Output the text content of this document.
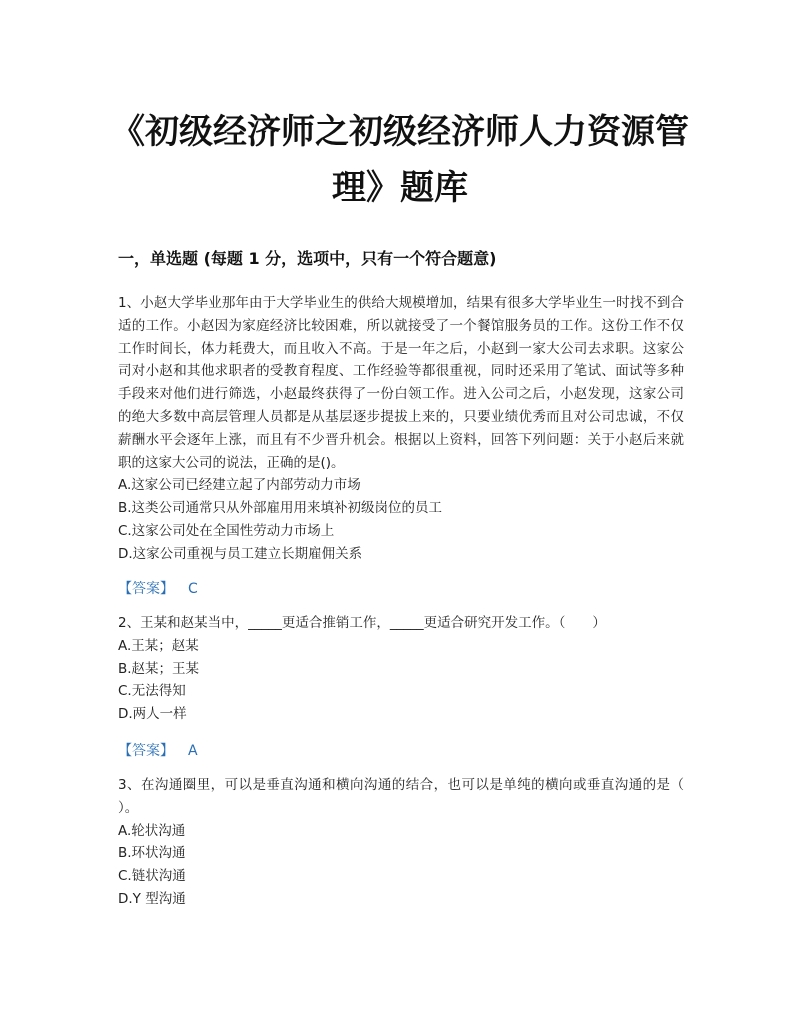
《初级经济师之初级经济师人力资源管理》题库
一，单选题 (每题 1 分，选项中，只有一个符合题意)

1、小赵大学毕业那年由于大学毕业生的供给大规模增加，结果有很多大学毕业生一时找不到合适的工作。小赵因为家庭经济比较困难，所以就接受了一个餐馆服务员的工作。这份工作不仅工作时间长，体力耗费大，而且收入不高。于是一年之后，小赵到一家大公司去求职。这家公司对小赵和其他求职者的受教育程度、工作经验等都很重视，同时还采用了笔试、面试等多种手段来对他们进行筛选，小赵最终获得了一份白领工作。进入公司之后，小赵发现，这家公司的绝大多数中高层管理人员都是从基层逐步提拔上来的，只要业绩优秀而且对公司忠诚，不仅薪酬水平会逐年上涨，而且有不少晋升机会。根据以上资料，回答下列问题：关于小赵后来就职的这家大公司的说法，正确的是()。

A.这家公司已经建立起了内部劳动力市场
B.这类公司通常只从外部雇用用来填补初级岗位的员工
C.这家公司处在全国性劳动力市场上
D.这家公司重视与员工建立长期雇佣关系
【答案】 C

2、王某和赵某当中，_____更适合推销工作，_____更适合研究开发工作。（　　）

A.王某；赵某
B.赵某；王某
C.无法得知
D.两人一样
【答案】 A

3、在沟通圈里，可以是垂直沟通和横向沟通的结合，也可以是单纯的横向或垂直沟通的是（ ）。

A.轮状沟通
B.环状沟通
C.链状沟通
D.Y 型沟通
